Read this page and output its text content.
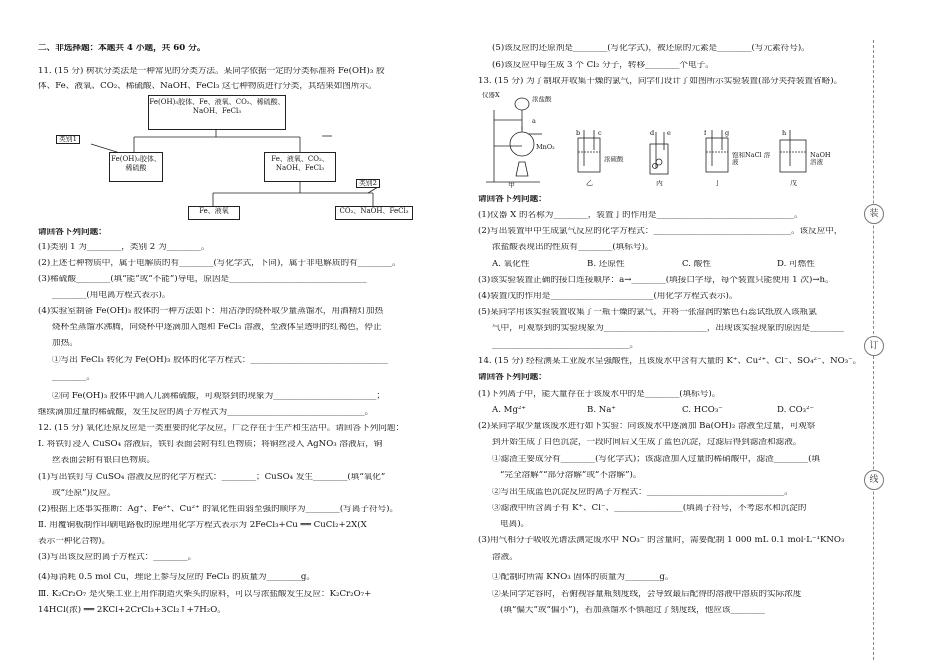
二、非选择题：本题共 4 小题，共 60 分。
11. (15 分) 树状分类法是一种常见的分类方法。某同学依据一定的分类标准将 Fe(OH)₃ 胶
体、Fe、液氧、CO₂、稀硫酸、NaOH、FeCl₃ 这七种物质进行分类，其结果如图所示。
Fe(OH)₃胶体、Fe、液氧、CO₂、稀硫酸、NaOH、FeCl₃
类别1
Fe(OH)₃胶体、稀硫酸
Fe、液氧、CO₂、NaOH、FeCl₃
类别2
Fe、液氧	CO₂、NaOH、FeCl₃
请回答下列问题：
(1)类别 1 为________，类别 2 为________。
(2)上述七种物质中，属于电解质的有________(写化学式，下同)，属于非电解质的有________。
(3)稀硫酸________(填“能”或“不能”)导电，原因是________________________________
________(用电离方程式表示)。
(4)实验室制备 Fe(OH)₃ 胶体的一种方法如下：用洁净的烧杯取少量蒸馏水，用酒精灯加热
烧杯至蒸馏水沸腾，向烧杯中逐滴加入饱和 FeCl₃ 溶液，至液体呈透明的红褐色，停止
加热。
①写出 FeCl₃ 转化为 Fe(OH)₃ 胶体的化学方程式：________________________________
________。
②向 Fe(OH)₃ 胶体中滴入几滴稀硫酸，可观察到的现象为________________________；
继续滴加过量的稀硫酸，发生反应的离子方程式为________________________________。
12. (15 分) 氧化还原反应是一类重要的化学反应，广泛存在于生产和生活中。请回答下列问题：
Ⅰ. 将铁钉浸入 CuSO₄ 溶液后，铁钉表面会附有红色物质；将铜丝浸入 AgNO₃ 溶液后，铜
丝表面会附有银白色物质。
(1)写出铁钉与 CuSO₄ 溶液反应的化学方程式：________；CuSO₄ 发生________(填“氧化”
或“还原”)反应。
(2)根据上述事实推断：Ag⁺、Fe²⁺、Cu²⁺ 的氧化性由弱至强的顺序为________(写离子符号)。
Ⅱ. 用覆铜板制作印刷电路板的原理用化学方程式表示为 2FeCl₃+Cu ══ CuCl₂+2X(X
表示一种化合物)。
(3)写出该反应的离子方程式：________。
(4)每消耗 0.5 mol Cu，理论上参与反应的 FeCl₃ 的质量为________g。
Ⅲ. K₂Cr₂O₇ 是火柴工业上用作制造火柴头的原料，可以与浓盐酸发生反应：K₂Cr₂O₇+
14HCl(浓) ══ 2KCl+2CrCl₃+3Cl₂↑+7H₂O。
(5)该反应的还原剂是________(写化学式)，被还原的元素是________(写元素符号)。
(6)该反应中每生成 3 个 Cl₂ 分子，转移________个电子。
13. (15 分) 为了制取并收集干燥的氯气，同学们设计了如图所示实验装置(部分夹持装置省略)。
仪器X	浓盐酸
a
MnO₂
甲
b	c
浓硫酸
乙
d e
丙
f	g
饱和NaCl 溶液
丁
h
NaOH 溶液
戊
请回答下列问题：
(1)仪器 X 的名称为________，装置丁的作用是________________________________。
(2)写出装置甲中生成氯气反应的化学方程式：________________________________。该反应中，
浓盐酸表现出的性质有________(填标号)。
A. 氧化性	B. 还原性	C. 酸性	D. 可燃性
(3)该实验装置正确的接口连接顺序：a→________(填接口字母，每个装置只能使用 1 次)→h。
(4)装置戊的作用是________________________(用化学方程式表示)。
(5)某同学用该实验装置收集了一瓶干燥的氯气，并将一张湿润的紫色石蕊试纸放入该瓶氯
气中，可观察到的实验现象为________________________，出现该实验现象的原因是________
________________________________。
14. (15 分) 经检测某工业废水呈强酸性，且该废水中含有大量的 K⁺、Cu²⁺、Cl⁻、SO₄²⁻、NO₃⁻。
请回答下列问题：
(1)下列离子中，能大量存在于该废水中的是________(填标号)。
A. Mg²⁺	B. Na⁺	C. HCO₃⁻	D. CO₃²⁻
(2)某同学取少量该废水进行如下实验：向该废水中逐滴加 Ba(OH)₂ 溶液至过量，可观察
到开始生成了白色沉淀，一段时间后又生成了蓝色沉淀，过滤后得到滤渣和滤液。
①滤渣主要成分有________(写化学式)；该滤渣加入过量的稀硝酸中，滤渣________(填
“完全溶解”“部分溶解”或“不溶解”)。
②写出生成蓝色沉淀反应的离子方程式：________________________________。
③滤液中所含离子有 K⁺、Cl⁻、________________(填离子符号，不考虑水和沉淀的
电离)。
(3)用气相分子吸收光谱法测定废水中 NO₃⁻ 的含量时，需要配制 1 000 mL 0.1 mol·L⁻¹KNO₃
溶液。
①配制时所需 KNO₃ 固体的质量为________g。
②某同学定容时，若俯视容量瓶刻度线，会导致最后配得的溶液中溶质的实际浓度
(填“偏大”或“偏小”)，若加蒸馏水不慎超过了刻度线，他应该________
装
订
线
